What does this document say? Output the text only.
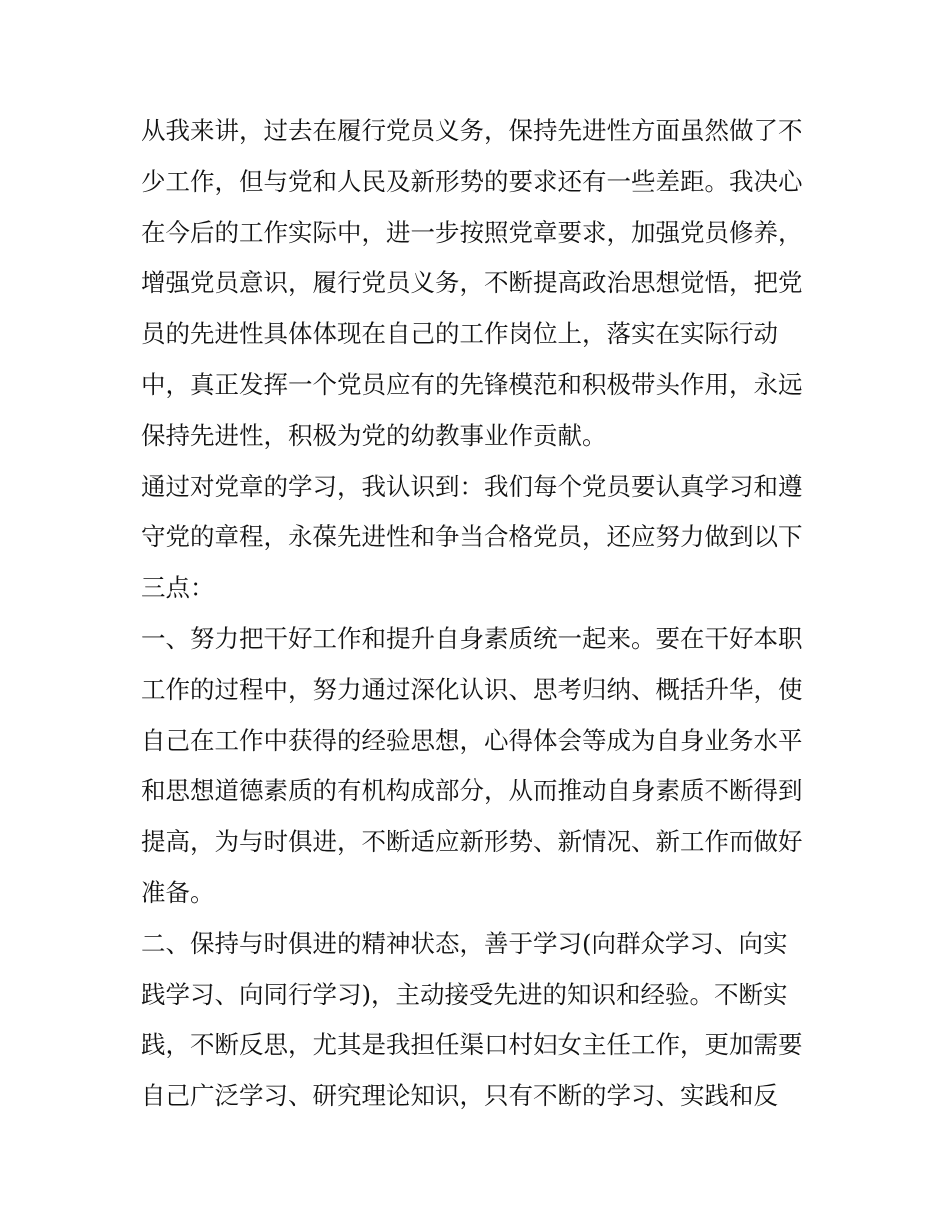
从我来讲，过去在履行党员义务，保持先进性方面虽然做了不
少工作，但与党和人民及新形势的要求还有一些差距。我决心
在今后的工作实际中，进一步按照党章要求，加强党员修养，
增强党员意识，履行党员义务，不断提高政治思想觉悟，把党
员的先进性具体体现在自己的工作岗位上，落实在实际行动
中，真正发挥一个党员应有的先锋模范和积极带头作用，永远
保持先进性，积极为党的幼教事业作贡献。
通过对党章的学习，我认识到：我们每个党员要认真学习和遵
守党的章程，永葆先进性和争当合格党员，还应努力做到以下
三点：
一、努力把干好工作和提升自身素质统一起来。要在干好本职
工作的过程中，努力通过深化认识、思考归纳、概括升华，使
自己在工作中获得的经验思想，心得体会等成为自身业务水平
和思想道德素质的有机构成部分，从而推动自身素质不断得到
提高，为与时俱进，不断适应新形势、新情况、新工作而做好
准备。
二、保持与时俱进的精神状态，善于学习(向群众学习、向实
践学习、向同行学习)，主动接受先进的知识和经验。不断实
践，不断反思，尤其是我担任渠口村妇女主任工作，更加需要
自己广泛学习、研究理论知识，只有不断的学习、实践和反
